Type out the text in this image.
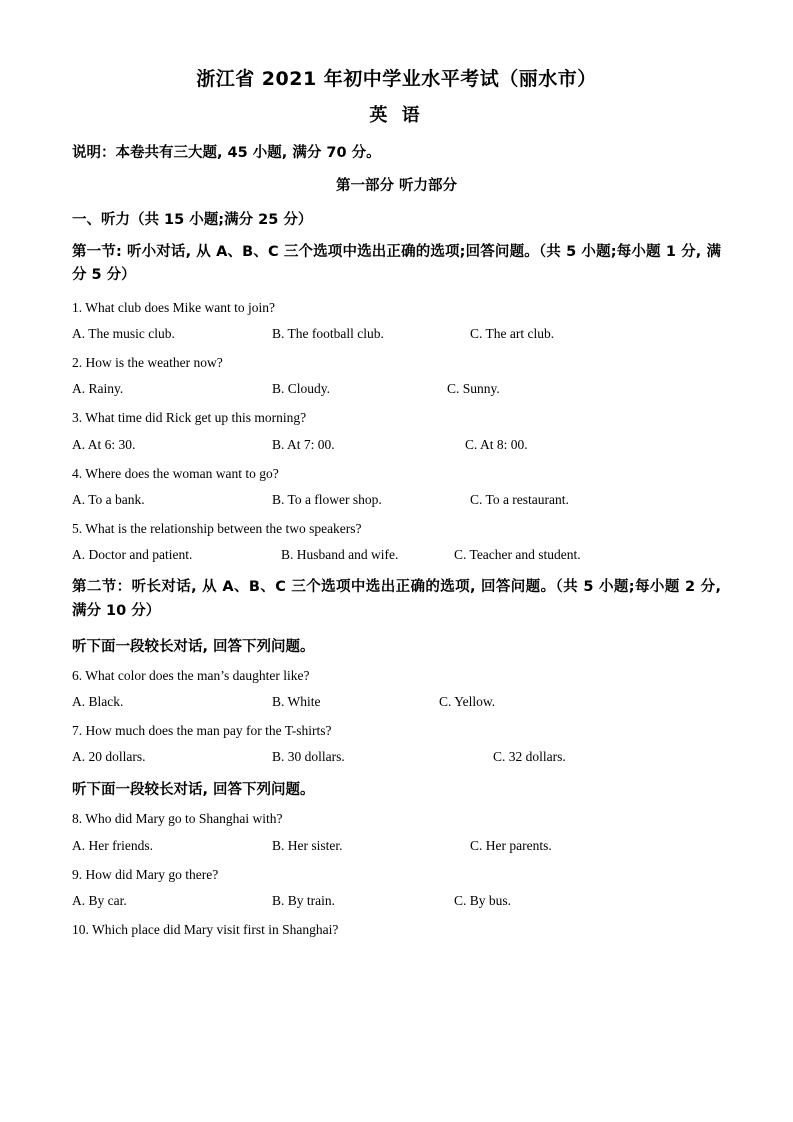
浙江省 2021 年初中学业水平考试（丽水市）
英 语

说明：本卷共有三大题, 45 小题, 满分 70 分。

第一部分 听力部分

一、听力（共 15 小题;满分 25 分）

第一节: 听小对话, 从 A、B、C 三个选项中选出正确的选项;回答问题。（共 5 小题;每小题 1 分, 满分 5 分）

1. What club does Mike want to join?

A. The music club.	B. The football club.	C. The art club.

2. How is the weather now?

A. Rainy.	B. Cloudy.	C. Sunny.

3. What time did Rick get up this morning?

A. At 6: 30.	B. At 7: 00.	C. At 8: 00.

4. Where does the woman want to go?

A. To a bank.	B. To a flower shop.	C. To a restaurant.

5. What is the relationship between the two speakers?

A. Doctor and patient.	B. Husband and wife.	C. Teacher and student.

第二节：听长对话, 从 A、B、C 三个选项中选出正确的选项, 回答问题。（共 5 小题;每小题 2 分, 满分 10 分）

听下面一段较长对话, 回答下列问题。

6. What color does the man’s daughter like?

A. Black.	B. White	C. Yellow.

7. How much does the man pay for the T-shirts?

A. 20 dollars.	B. 30 dollars.	C. 32 dollars.

听下面一段较长对话, 回答下列问题。

8. Who did Mary go to Shanghai with?

A. Her friends.	B. Her sister.	C. Her parents.

9. How did Mary go there?

A. By car.	B. By train.	C. By bus.

10. Which place did Mary visit first in Shanghai?
